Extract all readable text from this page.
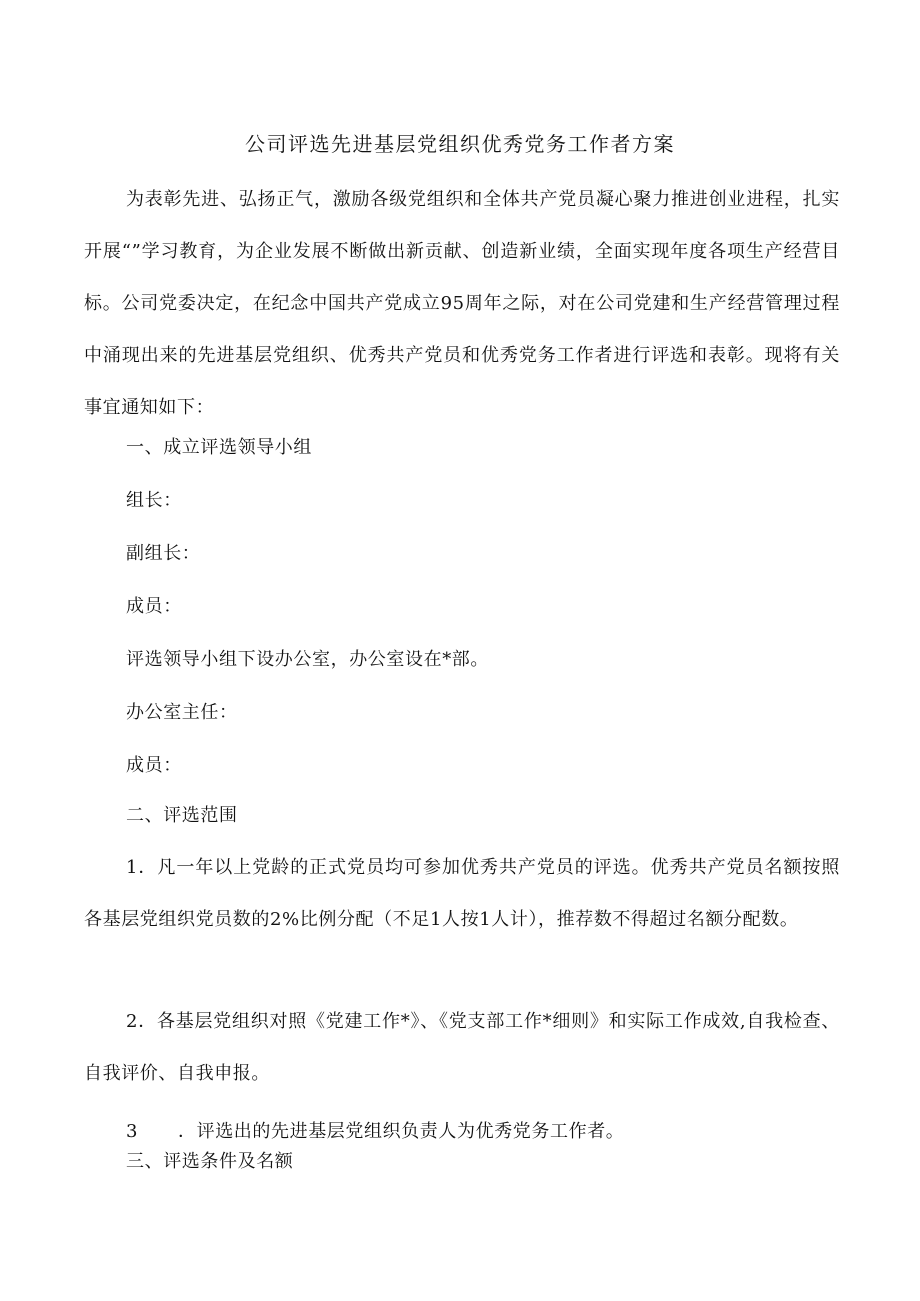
公司评选先进基层党组织优秀党务工作者方案
为表彰先进、弘扬正气，激励各级党组织和全体共产党员凝心聚力推进创业进程，扎实开展“”学习教育，为企业发展不断做出新贡献、创造新业绩，全面实现年度各项生产经营目标。公司党委决定，在纪念中国共产党成立95周年之际，对在公司党建和生产经营管理过程中涌现出来的先进基层党组织、优秀共产党员和优秀党务工作者进行评选和表彰。现将有关事宜通知如下：
一、成立评选领导小组
组长：
副组长：
成员：
评选领导小组下设办公室，办公室设在*部。
办公室主任：
成员：
二、评选范围
1．凡一年以上党龄的正式党员均可参加优秀共产党员的评选。优秀共产党员名额按照各基层党组织党员数的2%比例分配（不足1人按1人计），推荐数不得超过名额分配数。
2．各基层党组织对照《党建工作*》、《党支部工作*细则》和实际工作成效,自我检查、自我评价、自我申报。
3 ．评选出的先进基层党组织负责人为优秀党务工作者。
三、评选条件及名额
